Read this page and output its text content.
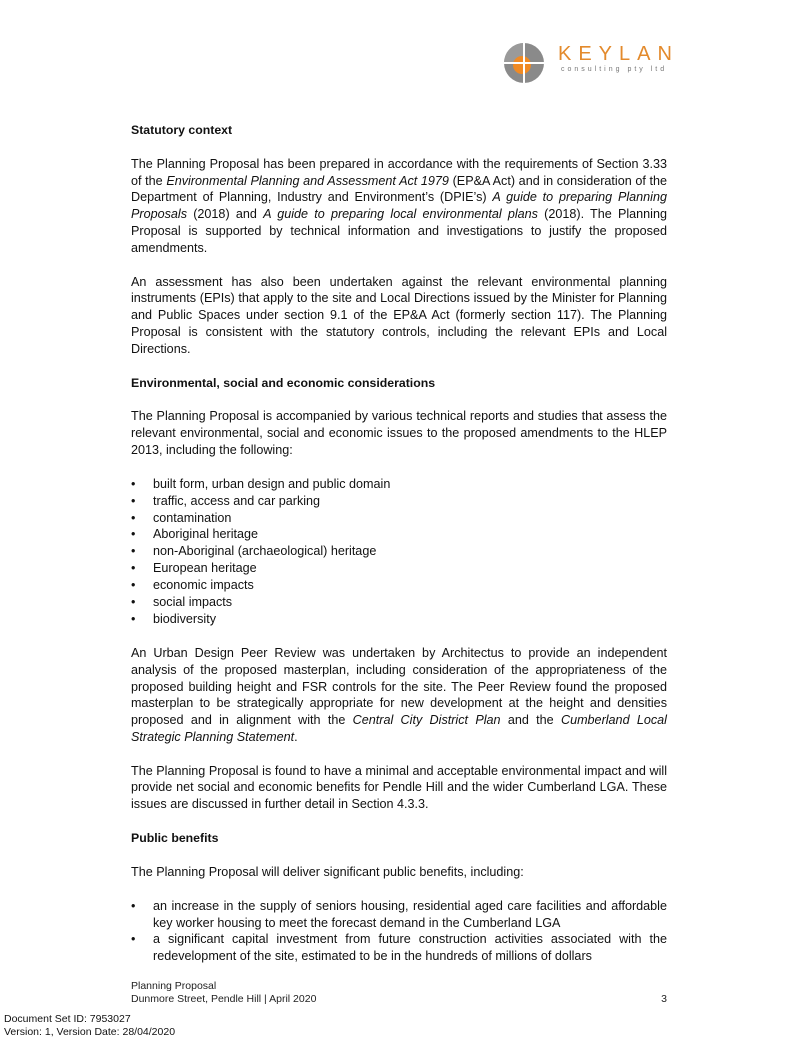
KEYLAN
consulting pty ltd
Statutory context
The Planning Proposal has been prepared in accordance with the requirements of Section 3.33 of the Environmental Planning and Assessment Act 1979 (EP&A Act) and in consideration of the Department of Planning, Industry and Environment’s (DPIE’s) A guide to preparing Planning Proposals (2018) and A guide to preparing local environmental plans (2018). The Planning Proposal is supported by technical information and investigations to justify the proposed amendments.
An assessment has also been undertaken against the relevant environmental planning instruments (EPIs) that apply to the site and Local Directions issued by the Minister for Planning and Public Spaces under section 9.1 of the EP&A Act (formerly section 117). The Planning Proposal is consistent with the statutory controls, including the relevant EPIs and Local Directions.
Environmental, social and economic considerations
The Planning Proposal is accompanied by various technical reports and studies that assess the relevant environmental, social and economic issues to the proposed amendments to the HLEP 2013, including the following:
• built form, urban design and public domain
• traffic, access and car parking
• contamination
• Aboriginal heritage
• non-Aboriginal (archaeological) heritage
• European heritage
• economic impacts
• social impacts
• biodiversity
An Urban Design Peer Review was undertaken by Architectus to provide an independent analysis of the proposed masterplan, including consideration of the appropriateness of the proposed building height and FSR controls for the site. The Peer Review found the proposed masterplan to be strategically appropriate for new development at the height and densities proposed and in alignment with the Central City District Plan and the Cumberland Local Strategic Planning Statement.
The Planning Proposal is found to have a minimal and acceptable environmental impact and will provide net social and economic benefits for Pendle Hill and the wider Cumberland LGA. These issues are discussed in further detail in Section 4.3.3.
Public benefits
The Planning Proposal will deliver significant public benefits, including:
• an increase in the supply of seniors housing, residential aged care facilities and affordable key worker housing to meet the forecast demand in the Cumberland LGA
• a significant capital investment from future construction activities associated with the redevelopment of the site, estimated to be in the hundreds of millions of dollars
Planning Proposal
Dunmore Street, Pendle Hill | April 2020	3
Document Set ID: 7953027
Version: 1, Version Date: 28/04/2020
